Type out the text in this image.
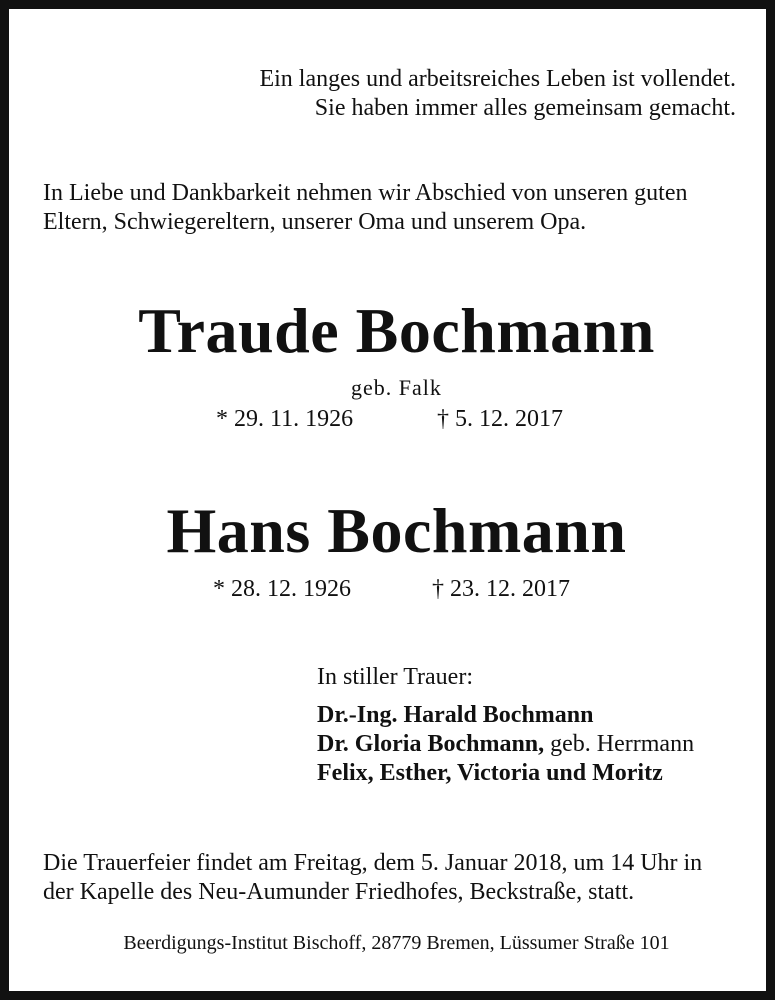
Ein langes und arbeitsreiches Leben ist vollendet.
Sie haben immer alles gemeinsam gemacht.
In Liebe und Dankbarkeit nehmen wir Abschied von unseren guten
Eltern, Schwiegereltern, unserer Oma und unserem Opa.
Traude Bochmann
geb. Falk
* 29. 11. 1926	† 5. 12. 2017
Hans Bochmann
* 28. 12. 1926	† 23. 12. 2017
In stiller Trauer:
Dr.-Ing. Harald Bochmann
Dr. Gloria Bochmann, geb. Herrmann
Felix, Esther, Victoria und Moritz
Die Trauerfeier findet am Freitag, dem 5. Januar 2018, um 14 Uhr in
der Kapelle des Neu-Aumunder Friedhofes, Beckstraße, statt.
Beerdigungs-Institut Bischoff, 28779 Bremen, Lüssumer Straße 101
